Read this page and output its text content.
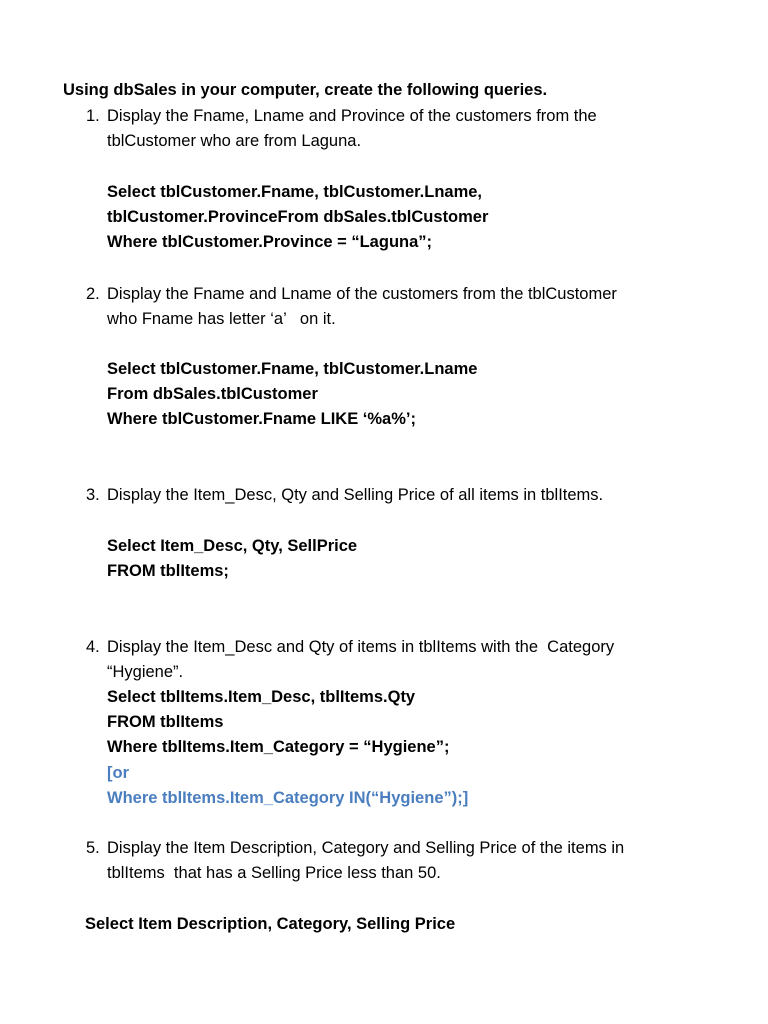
Using dbSales in your computer, create the following queries.
1. Display the Fname, Lname and Province of the customers from the
tblCustomer who are from Laguna.
Select tblCustomer.Fname, tblCustomer.Lname,
tblCustomer.ProvinceFrom dbSales.tblCustomer
Where tblCustomer.Province = “Laguna”;
2. Display the Fname and Lname of the customers from the tblCustomer
who Fname has letter ‘a’   on it.
Select tblCustomer.Fname, tblCustomer.Lname
From dbSales.tblCustomer
Where tblCustomer.Fname LIKE ‘%a%’;
3. Display the Item_Desc, Qty and Selling Price of all items in tblItems.
Select Item_Desc, Qty, SellPrice
FROM tblItems;
4. Display the Item_Desc and Qty of items in tblItems with the  Category
“Hygiene”.
Select tblItems.Item_Desc, tblItems.Qty
FROM tblItems
Where tblItems.Item_Category = “Hygiene”;
[or
Where tblItems.Item_Category IN(“Hygiene”);]
5. Display the Item Description, Category and Selling Price of the items in
tblItems  that has a Selling Price less than 50.
Select Item Description, Category, Selling Price
